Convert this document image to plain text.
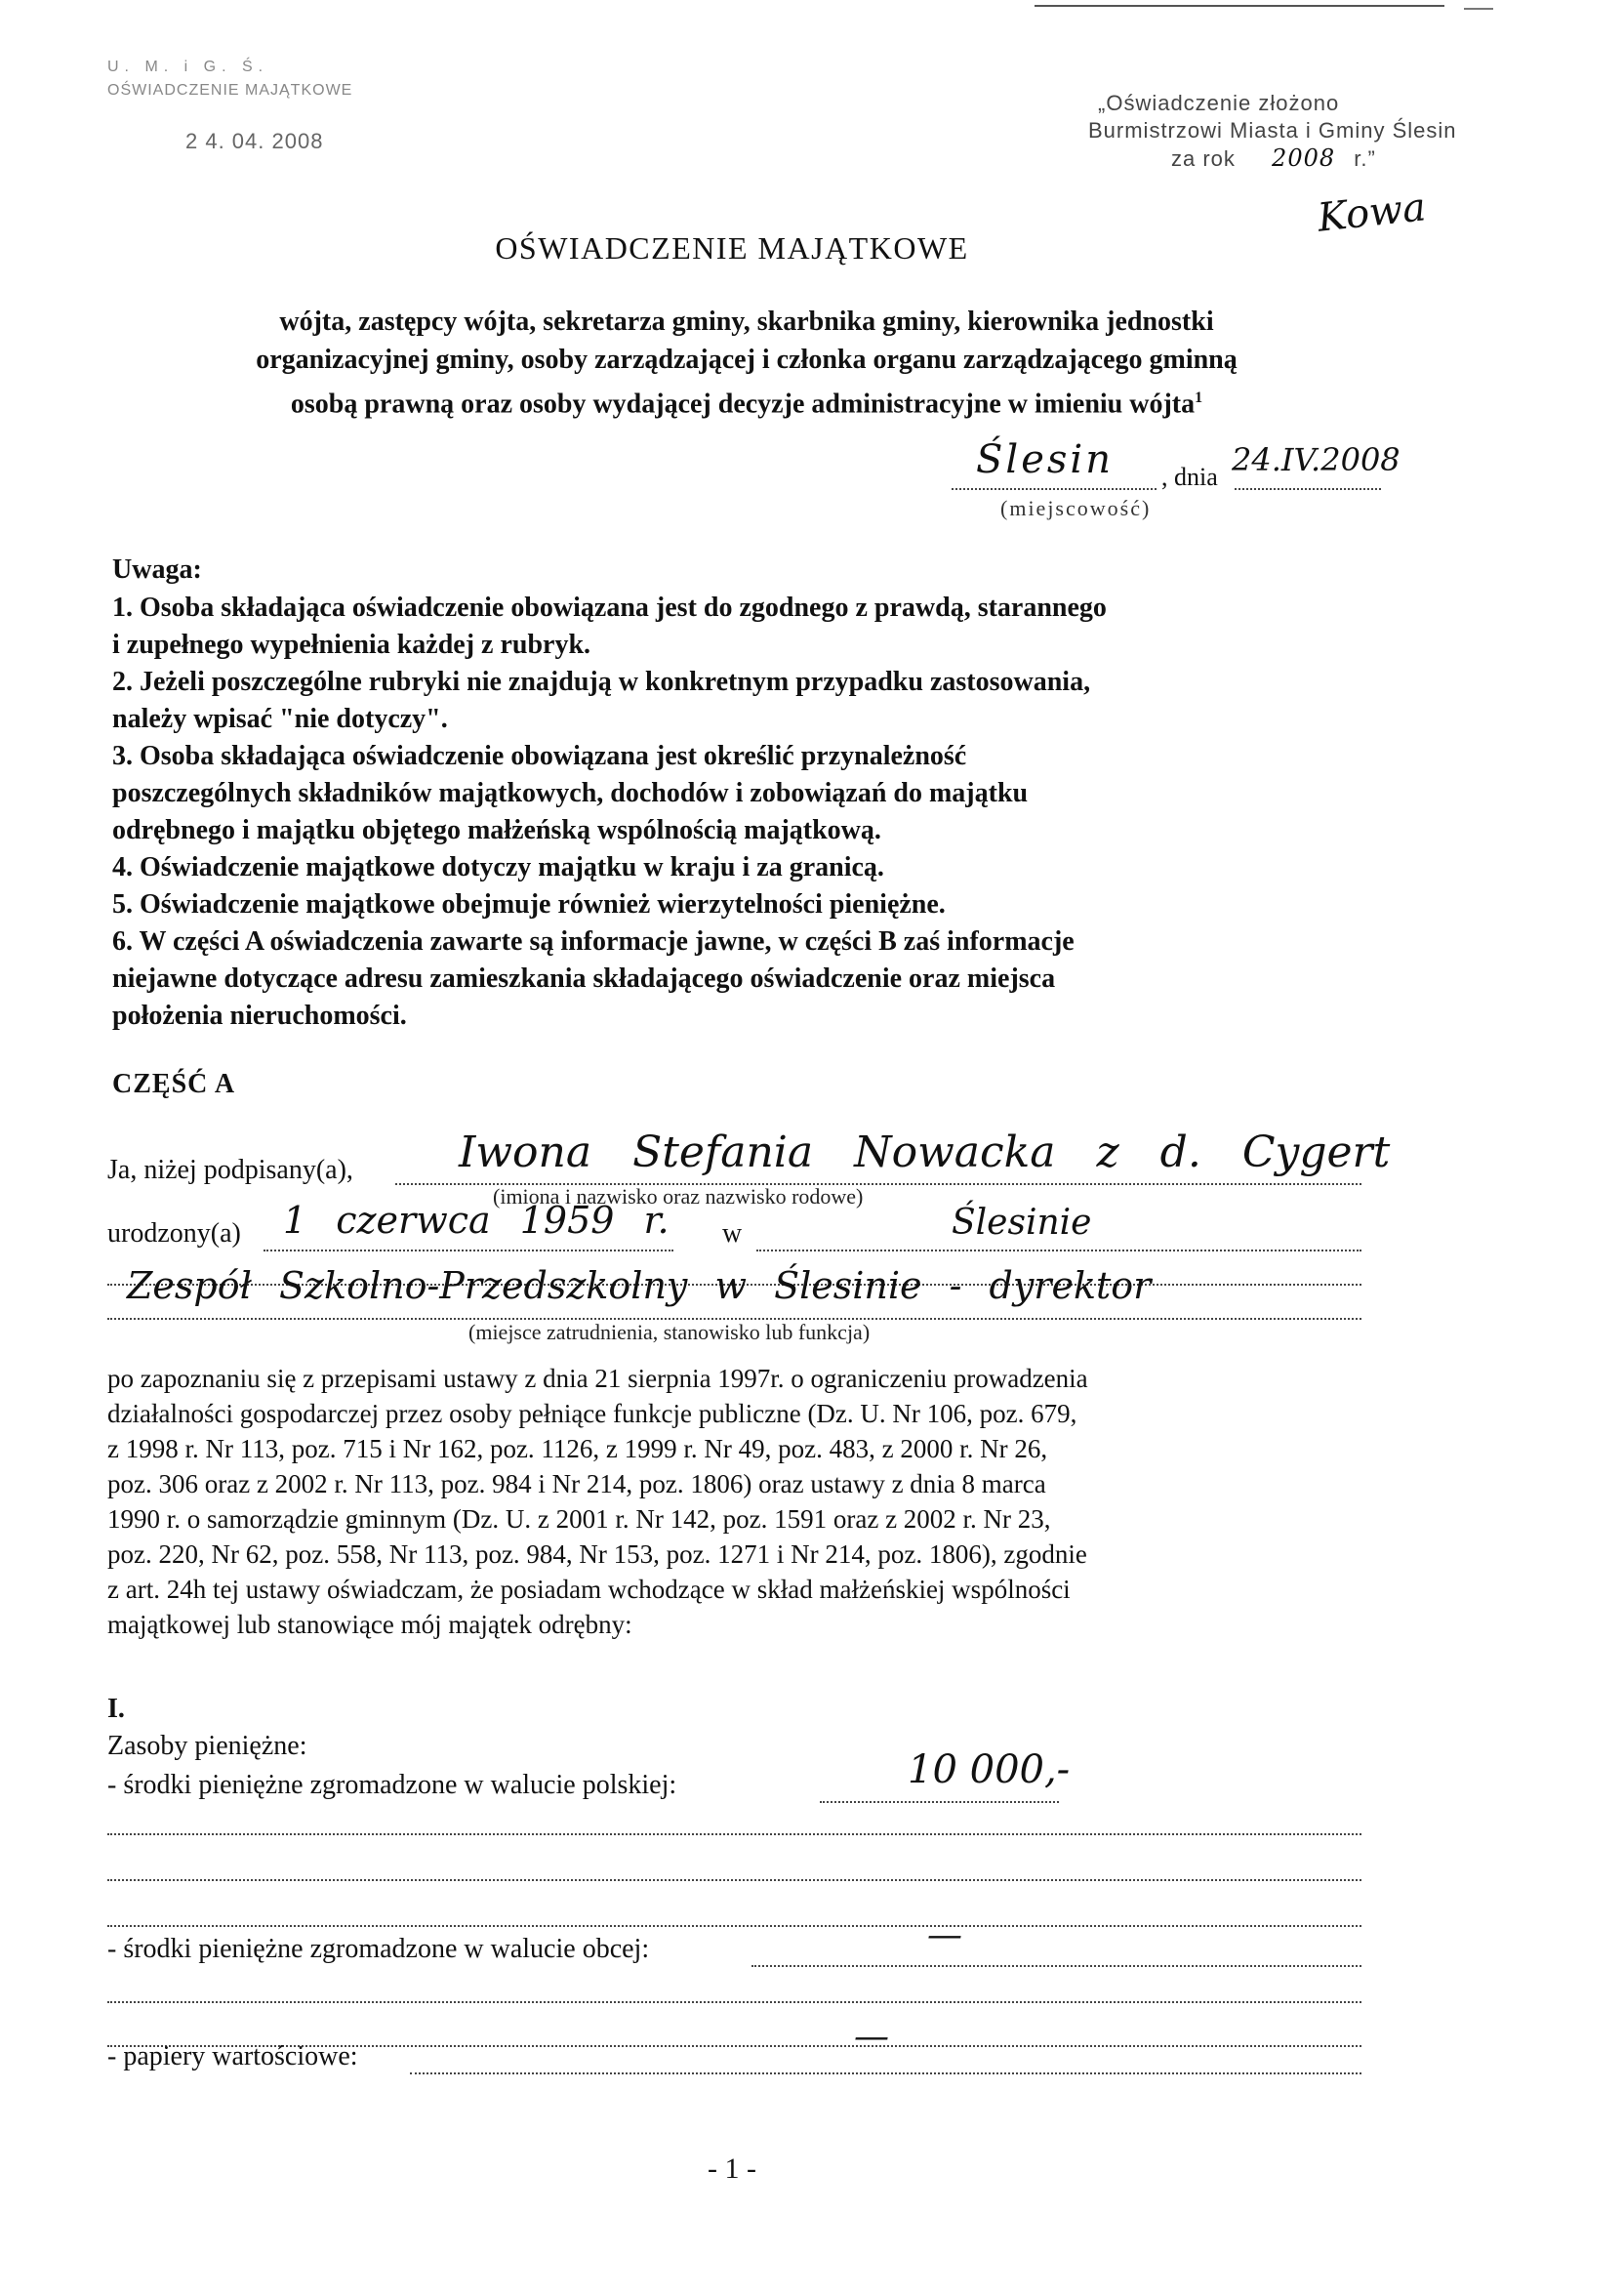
U. M. i G. Ś.
OŚWIADCZENIE MAJĄTKOWE
2 4. 04. 2008
„Oświadczenie złożono
Burmistrzowi Miasta i Gminy Ślesin
za rok 2008 r.”
Kowa
OŚWIADCZENIE MAJĄTKOWE
wójta, zastępcy wójta, sekretarza gminy, skarbnika gminy, kierownika jednostki
organizacyjnej gminy, osoby zarządzającej i członka organu zarządzającego gminną
osobą prawną oraz osoby wydającej decyzje administracyjne w imieniu wójta$^1$
Ślesin , dnia 24.IV.2008
(miejscowość)
Uwaga:
1. Osoba składająca oświadczenie obowiązana jest do zgodnego z prawdą, starannego
i zupełnego wypełnienia każdej z rubryk.
2. Jeżeli poszczególne rubryki nie znajdują w konkretnym przypadku zastosowania,
należy wpisać "nie dotyczy".
3. Osoba składająca oświadczenie obowiązana jest określić przynależność
poszczególnych składników majątkowych, dochodów i zobowiązań do majątku
odrębnego i majątku objętego małżeńską wspólnością majątkową.
4. Oświadczenie majątkowe dotyczy majątku w kraju i za granicą.
5. Oświadczenie majątkowe obejmuje również wierzytelności pieniężne.
6. W części A oświadczenia zawarte są informacje jawne, w części B zaś informacje
niejawne dotyczące adresu zamieszkania składającego oświadczenie oraz miejsca
położenia nieruchomości.
CZĘŚĆ A
Ja, niżej podpisany(a), Iwona Stefania Nowacka z d. Cygert
(imiona i nazwisko oraz nazwisko rodowe)
urodzony(a) 1 czerwca 1959 r. w	Ślesinie
Zespół Szkolno-Przedszkolny w Ślesinie - dyrektor
(miejsce zatrudnienia, stanowisko lub funkcja)
po zapoznaniu się z przepisami ustawy z dnia 21 sierpnia 1997r. o ograniczeniu prowadzenia
działalności gospodarczej przez osoby pełniące funkcje publiczne (Dz. U. Nr 106, poz. 679,
z 1998 r. Nr 113, poz. 715 i Nr 162, poz. 1126, z 1999 r. Nr 49, poz. 483, z 2000 r. Nr 26,
poz. 306 oraz z 2002 r. Nr 113, poz. 984 i Nr 214, poz. 1806) oraz ustawy z dnia 8 marca
1990 r. o samorządzie gminnym (Dz. U. z 2001 r. Nr 142, poz. 1591 oraz z 2002 r. Nr 23,
poz. 220, Nr 62, poz. 558, Nr 113, poz. 984, Nr 153, poz. 1271 i Nr 214, poz. 1806), zgodnie
z art. 24h tej ustawy oświadczam, że posiadam wchodzące w skład małżeńskiej wspólności
majątkowej lub stanowiące mój majątek odrębny:
I.
Zasoby pieniężne:
- środki pieniężne zgromadzone w walucie polskiej:	10 000,-
- środki pieniężne zgromadzone w walucie obcej:	—
- papiery wartościowe:	—
- 1 -
